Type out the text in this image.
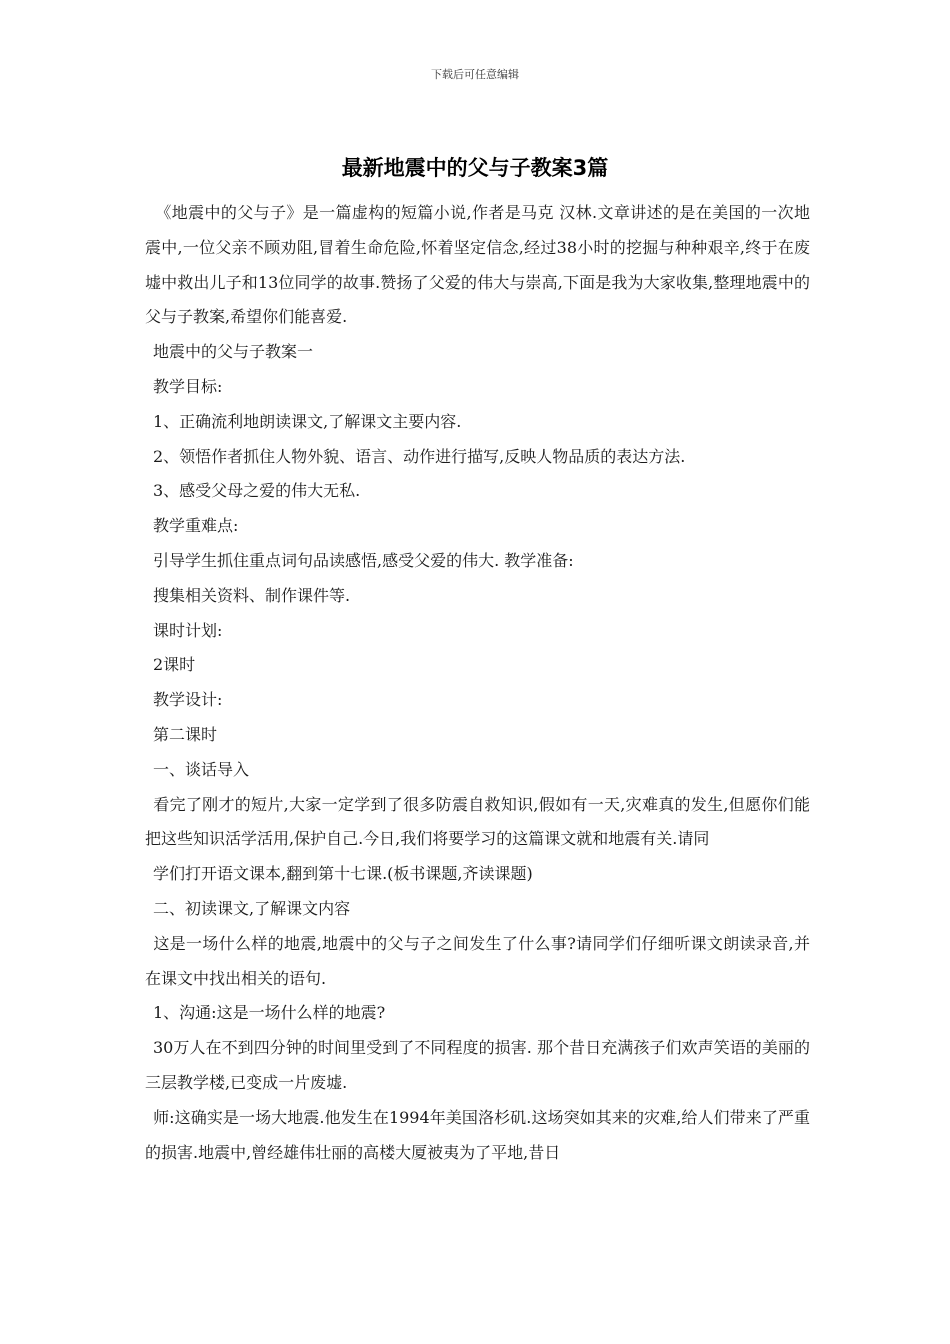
下载后可任意编辑
最新地震中的父与子教案3篇

《地震中的父与子》是一篇虚构的短篇小说,作者是马克 汉林.文章讲述的是在美国的一次地震中,一位父亲不顾劝阻,冒着生命危险,怀着坚定信念,经过38小时的挖掘与种种艰辛,终于在废墟中救出儿子和13位同学的故事.赞扬了父爱的伟大与崇高,下面是我为大家收集,整理地震中的父与子教案,希望你们能喜爱.

地震中的父与子教案一

教学目标:

1、正确流利地朗读课文,了解课文主要内容.

2、领悟作者抓住人物外貌、语言、动作进行描写,反映人物品质的表达方法.

3、感受父母之爱的伟大无私.

教学重难点:

引导学生抓住重点词句品读感悟,感受父爱的伟大. 教学准备:

搜集相关资料、制作课件等.

课时计划:

2课时

教学设计:

第二课时

一、谈话导入

看完了刚才的短片,大家一定学到了很多防震自救知识,假如有一天,灾难真的发生,但愿你们能把这些知识活学活用,保护自己.今日,我们将要学习的这篇课文就和地震有关.请同

学们打开语文课本,翻到第十七课.(板书课题,齐读课题)

二、初读课文,了解课文内容

这是一场什么样的地震,地震中的父与子之间发生了什么事?请同学们仔细听课文朗读录音,并在课文中找出相关的语句.

1、沟通:这是一场什么样的地震?

30万人在不到四分钟的时间里受到了不同程度的损害. 那个昔日充满孩子们欢声笑语的美丽的三层教学楼,已变成一片废墟.

师:这确实是一场大地震.他发生在1994年美国洛杉矶.这场突如其来的灾难,给人们带来了严重的损害.地震中,曾经雄伟壮丽的高楼大厦被夷为了平地,昔日
